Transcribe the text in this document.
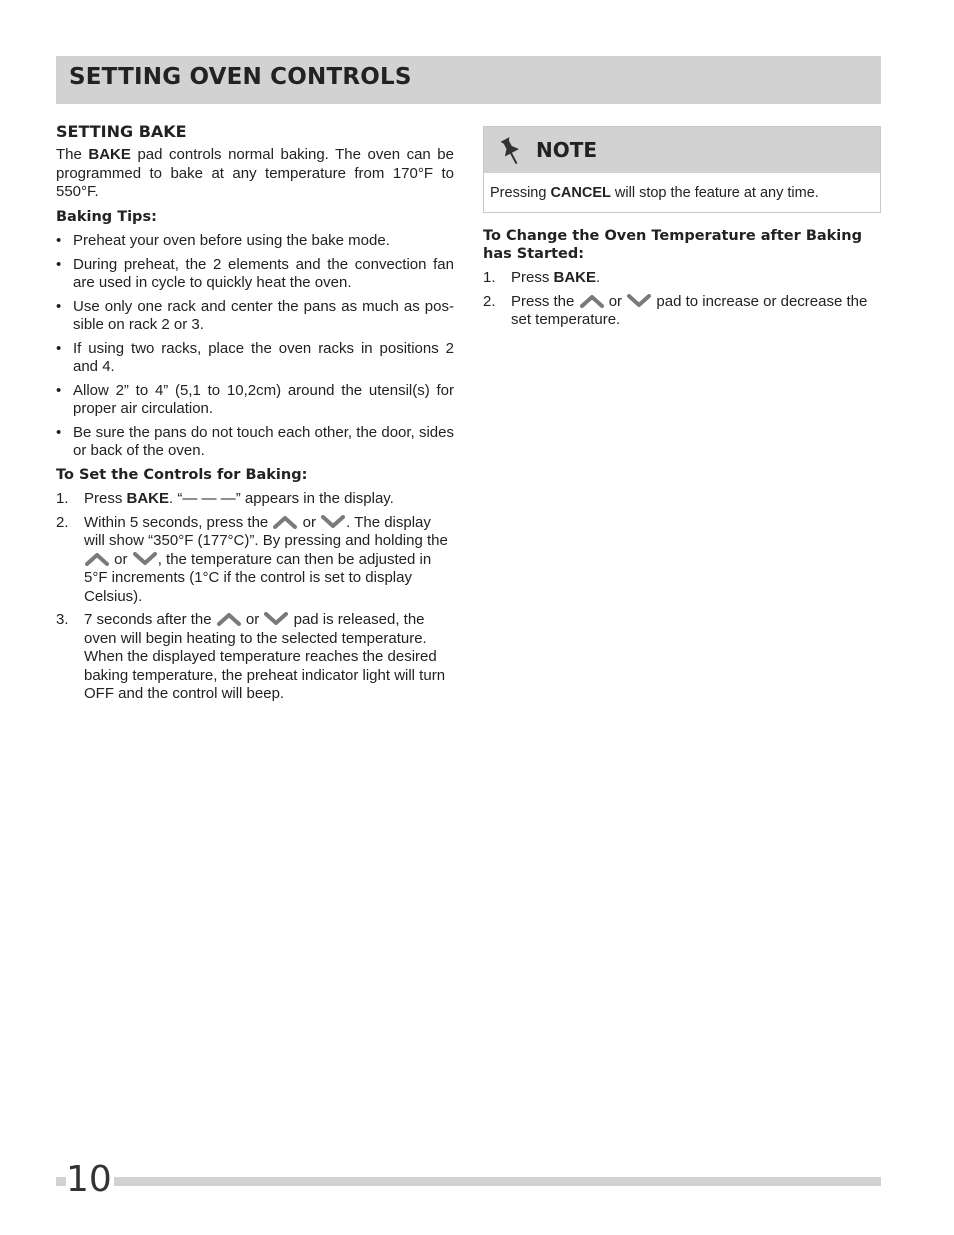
SETTING OVEN CONTROLS
SETTING BAKE

The BAKE pad controls normal baking. The oven can be programmed to bake at any temperature from 170°F to 550°F.

Baking Tips:

• Preheat your oven before using the bake mode.
• During preheat, the 2 elements and the convection fan are used in cycle to quickly heat the oven.
• Use only one rack and center the pans as much as pos-sible on rack 2 or 3.
• If using two racks, place the oven racks in positions 2 and 4.
• Allow 2” to 4” (5,1 to 10,2cm) around the utensil(s) for proper air circulation.
• Be sure the pans do not touch each other, the door, sides or back of the oven.

To Set the Controls for Baking:

1. Press BAKE. “— — —” appears in the display.
2. Within 5 seconds, press the  or . The display will show “350°F (177°C)”. By pressing and holding the  or , the temperature can then be adjusted in 5°F increments (1°C if the control is set to display Celsius).
3. 7 seconds after the  or  pad is released, the oven will begin heating to the selected temperature. When the displayed temperature reaches the desired baking temperature, the preheat indicator light will turn OFF and the control will beep.
NOTE
Pressing CANCEL will stop the feature at any time.

To Change the Oven Temperature after Baking has Started:

1. Press BAKE.
2. Press the  or  pad to increase or decrease the set temperature.
10
